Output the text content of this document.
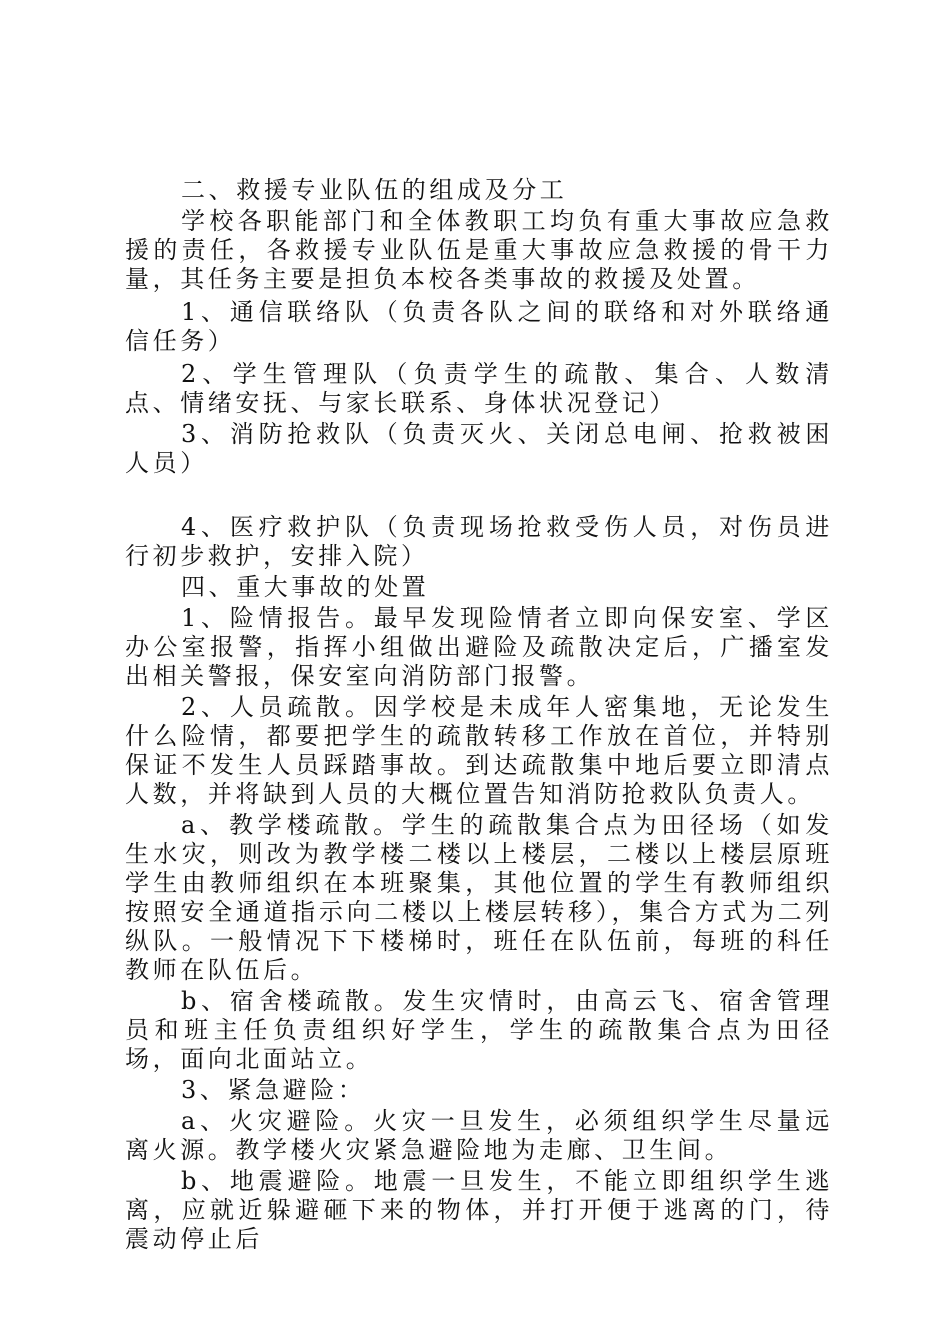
二、救援专业队伍的组成及分工

学校各职能部门和全体教职工均负有重大事故应急救援的责任，各救援专业队伍是重大事故应急救援的骨干力量，其任务主要是担负本校各类事故的救援及处置。

1、通信联络队（负责各队之间的联络和对外联络通信任务）

2、学生管理队（负责学生的疏散、集合、人数清点、情绪安抚、与家长联系、身体状况登记）

3、消防抢救队（负责灭火、关闭总电闸、抢救被困人员）

4、医疗救护队（负责现场抢救受伤人员，对伤员进行初步救护，安排入院）

四、重大事故的处置

1、险情报告。最早发现险情者立即向保安室、学区办公室报警，指挥小组做出避险及疏散决定后，广播室发出相关警报，保安室向消防部门报警。

2、人员疏散。因学校是未成年人密集地，无论发生什么险情，都要把学生的疏散转移工作放在首位，并特别保证不发生人员踩踏事故。到达疏散集中地后要立即清点人数，并将缺到人员的大概位置告知消防抢救队负责人。

a、教学楼疏散。学生的疏散集合点为田径场（如发生水灾，则改为教学楼二楼以上楼层，二楼以上楼层原班学生由教师组织在本班聚集，其他位置的学生有教师组织按照安全通道指示向二楼以上楼层转移），集合方式为二列纵队。一般情况下下楼梯时，班任在队伍前，每班的科任教师在队伍后。

b、宿舍楼疏散。发生灾情时，由高云飞、宿舍管理员和班主任负责组织好学生，学生的疏散集合点为田径场，面向北面站立。

3、紧急避险：

a、火灾避险。火灾一旦发生，必须组织学生尽量远离火源。教学楼火灾紧急避险地为走廊、卫生间。

b、地震避险。地震一旦发生，不能立即组织学生逃离，应就近躲避砸下来的物体，并打开便于逃离的门，待震动停止后
